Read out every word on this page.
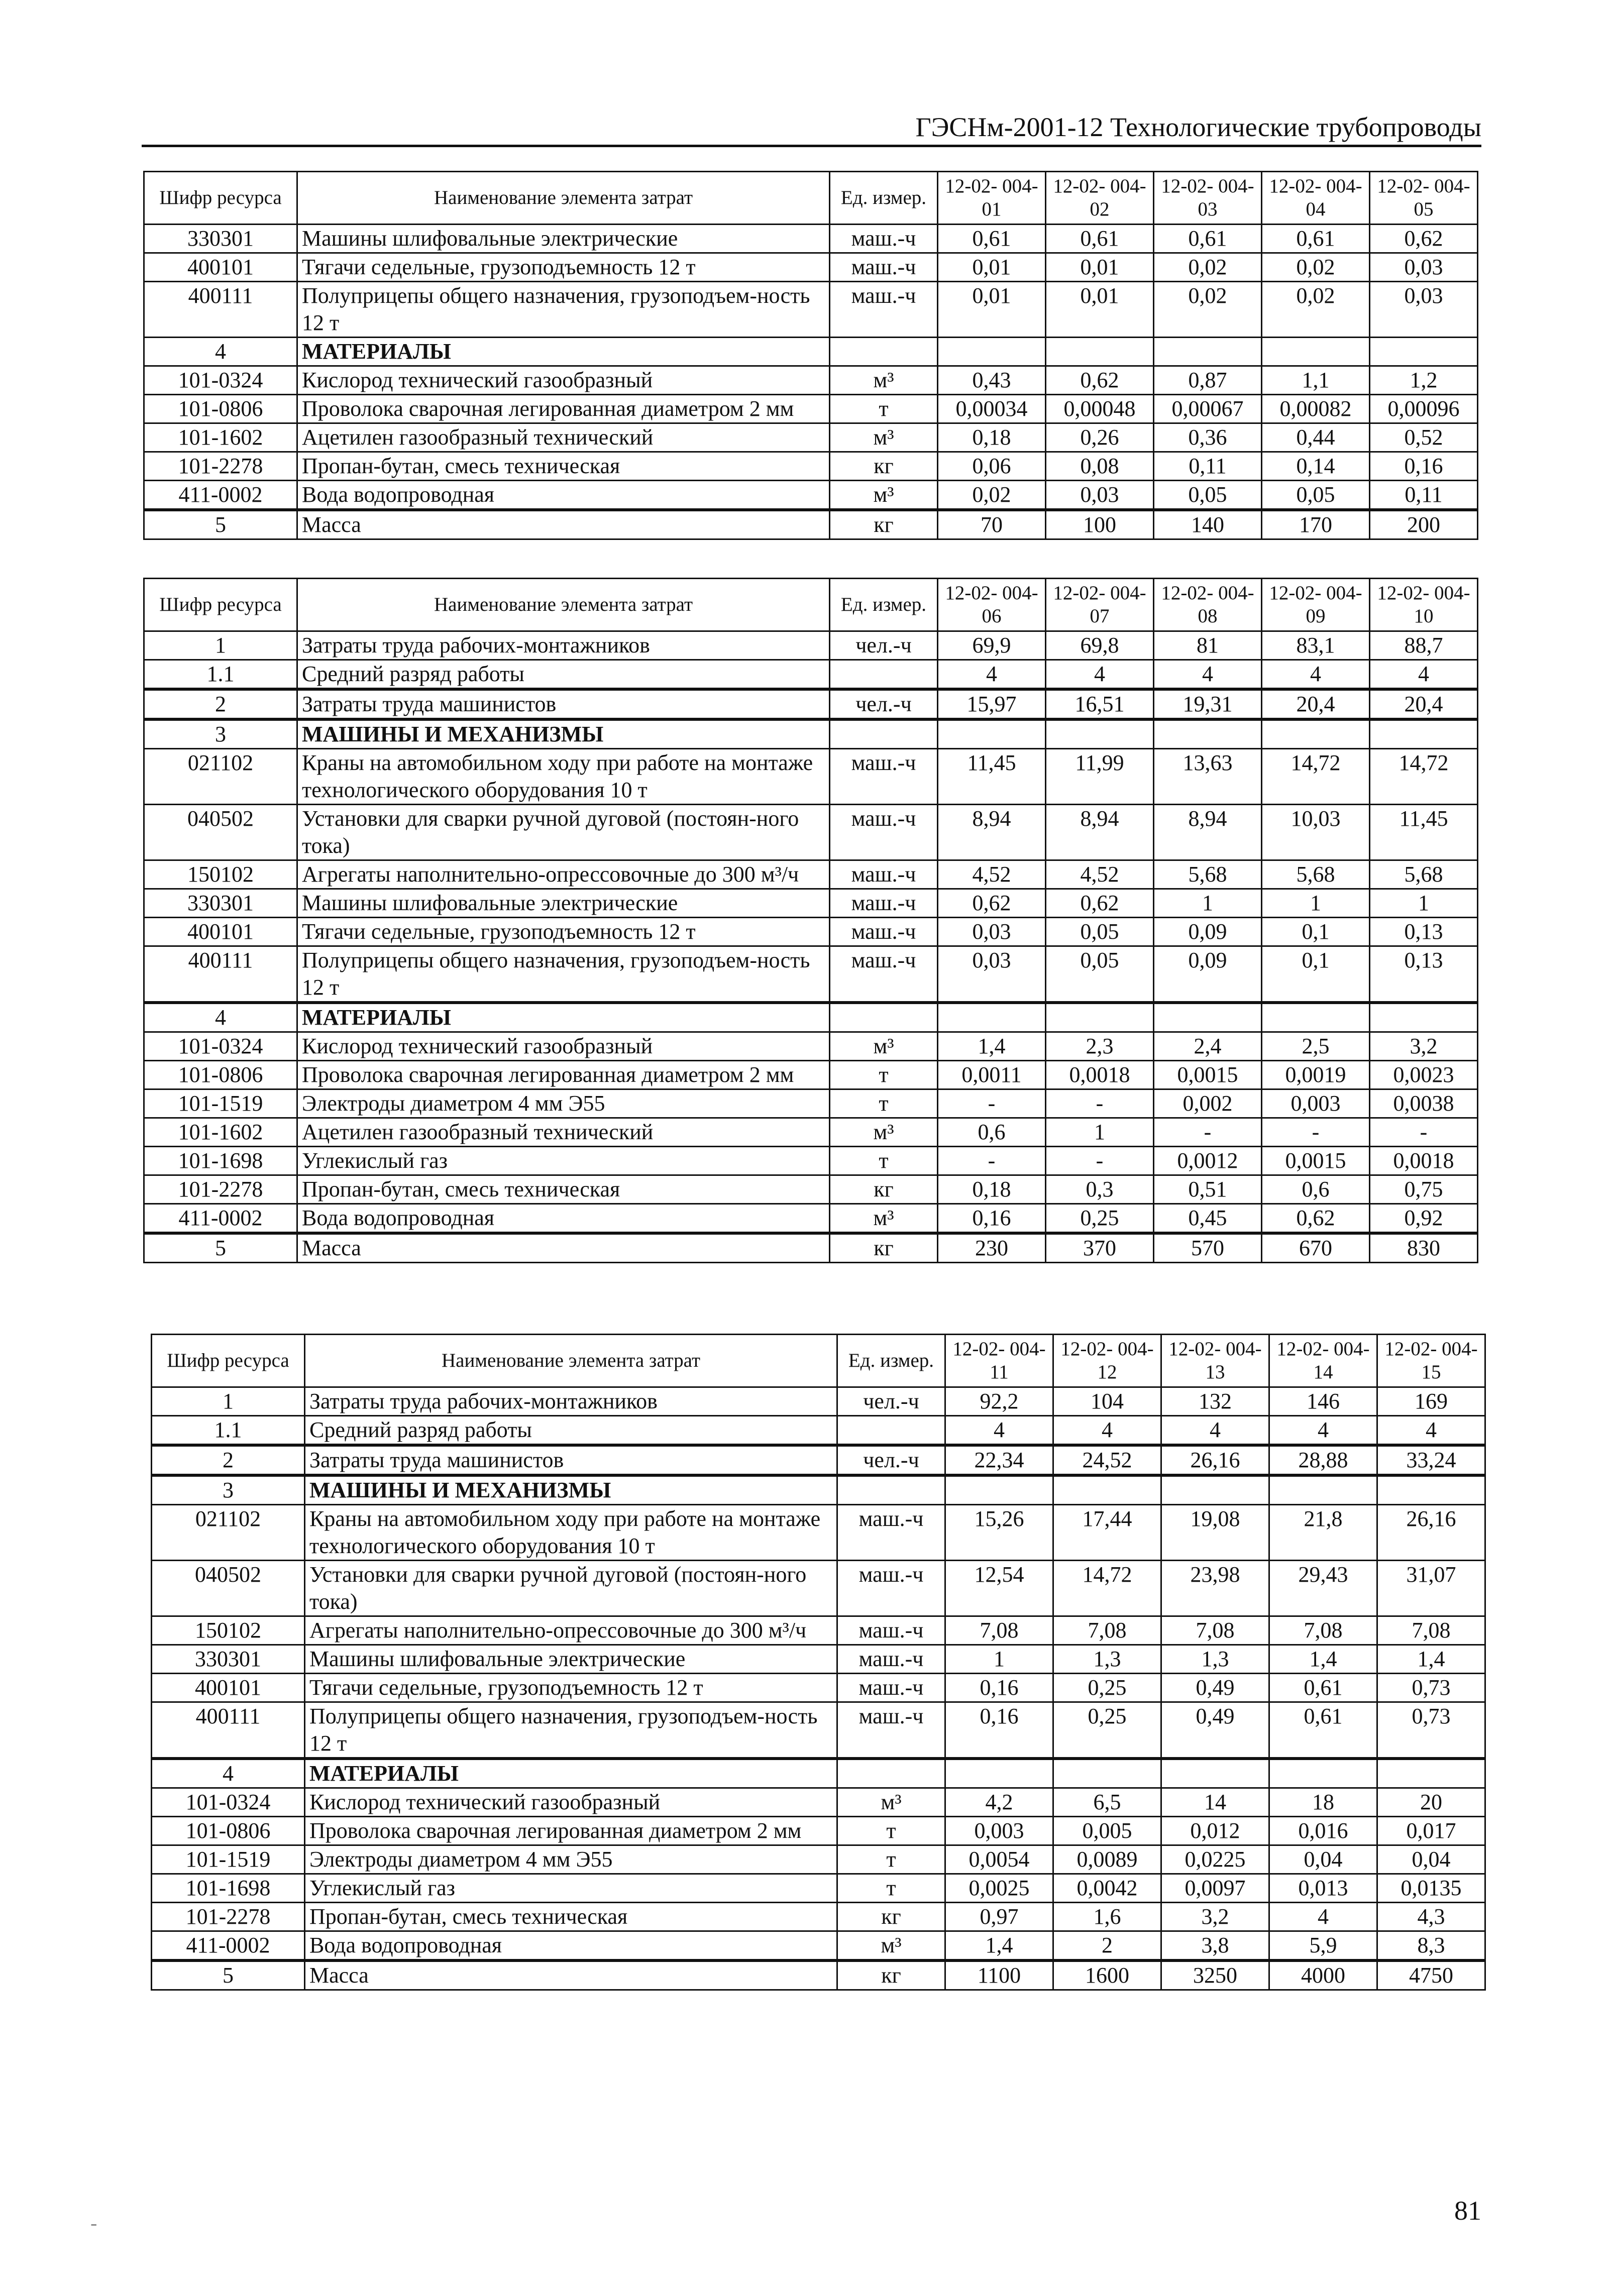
ГЭСНм-2001-12 Технологические трубопроводы
Шифр ресурса	Наименование элемента затрат	Ед. измер.	12-02- 004-01	12-02- 004-02	12-02- 004-03	12-02- 004-04	12-02- 004-05
330301	Машины шлифовальные электрические	маш.-ч	0,61	0,61	0,61	0,61	0,62
400101	Тягачи седельные, грузоподъемность 12 т	маш.-ч	0,01	0,01	0,02	0,02	0,03
400111	Полуприцепы общего назначения, грузоподъем-ность 12 т	маш.-ч	0,01	0,01	0,02	0,02	0,03
4	МАТЕРИАЛЫ						
101-0324	Кислород технический газообразный	м³	0,43	0,62	0,87	1,1	1,2
101-0806	Проволока сварочная легированная диаметром 2 мм	т	0,00034	0,00048	0,00067	0,00082	0,00096
101-1602	Ацетилен газообразный технический	м³	0,18	0,26	0,36	0,44	0,52
101-2278	Пропан-бутан, смесь техническая	кг	0,06	0,08	0,11	0,14	0,16
411-0002	Вода водопроводная	м³	0,02	0,03	0,05	0,05	0,11
5	Масса	кг	70	100	140	170	200
Шифр ресурса	Наименование элемента затрат	Ед. измер.	12-02- 004-06	12-02- 004-07	12-02- 004-08	12-02- 004-09	12-02- 004-10
1	Затраты труда рабочих-монтажников	чел.-ч	69,9	69,8	81	83,1	88,7
1.1	Средний разряд работы		4	4	4	4	4
2	Затраты труда машинистов	чел.-ч	15,97	16,51	19,31	20,4	20,4
3	МАШИНЫ И МЕХАНИЗМЫ						
021102	Краны на автомобильном ходу при работе на монтаже технологического оборудования 10 т	маш.-ч	11,45	11,99	13,63	14,72	14,72
040502	Установки для сварки ручной дуговой (постоян-ного тока)	маш.-ч	8,94	8,94	8,94	10,03	11,45
150102	Агрегаты наполнительно-опрессовочные до 300 м³/ч	маш.-ч	4,52	4,52	5,68	5,68	5,68
330301	Машины шлифовальные электрические	маш.-ч	0,62	0,62	1	1	1
400101	Тягачи седельные, грузоподъемность 12 т	маш.-ч	0,03	0,05	0,09	0,1	0,13
400111	Полуприцепы общего назначения, грузоподъем-ность 12 т	маш.-ч	0,03	0,05	0,09	0,1	0,13
4	МАТЕРИАЛЫ						
101-0324	Кислород технический газообразный	м³	1,4	2,3	2,4	2,5	3,2
101-0806	Проволока сварочная легированная диаметром 2 мм	т	0,0011	0,0018	0,0015	0,0019	0,0023
101-1519	Электроды диаметром 4 мм Э55	т	-	-	0,002	0,003	0,0038
101-1602	Ацетилен газообразный технический	м³	0,6	1	-	-	-
101-1698	Углекислый газ	т	-	-	0,0012	0,0015	0,0018
101-2278	Пропан-бутан, смесь техническая	кг	0,18	0,3	0,51	0,6	0,75
411-0002	Вода водопроводная	м³	0,16	0,25	0,45	0,62	0,92
5	Масса	кг	230	370	570	670	830
Шифр ресурса	Наименование элемента затрат	Ед. измер.	12-02- 004-11	12-02- 004-12	12-02- 004-13	12-02- 004-14	12-02- 004-15
1	Затраты труда рабочих-монтажников	чел.-ч	92,2	104	132	146	169
1.1	Средний разряд работы		4	4	4	4	4
2	Затраты труда машинистов	чел.-ч	22,34	24,52	26,16	28,88	33,24
3	МАШИНЫ И МЕХАНИЗМЫ						
021102	Краны на автомобильном ходу при работе на монтаже технологического оборудования 10 т	маш.-ч	15,26	17,44	19,08	21,8	26,16
040502	Установки для сварки ручной дуговой (постоян-ного тока)	маш.-ч	12,54	14,72	23,98	29,43	31,07
150102	Агрегаты наполнительно-опрессовочные до 300 м³/ч	маш.-ч	7,08	7,08	7,08	7,08	7,08
330301	Машины шлифовальные электрические	маш.-ч	1	1,3	1,3	1,4	1,4
400101	Тягачи седельные, грузоподъемность 12 т	маш.-ч	0,16	0,25	0,49	0,61	0,73
400111	Полуприцепы общего назначения, грузоподъем-ность 12 т	маш.-ч	0,16	0,25	0,49	0,61	0,73
4	МАТЕРИАЛЫ						
101-0324	Кислород технический газообразный	м³	4,2	6,5	14	18	20
101-0806	Проволока сварочная легированная диаметром 2 мм	т	0,003	0,005	0,012	0,016	0,017
101-1519	Электроды диаметром 4 мм Э55	т	0,0054	0,0089	0,0225	0,04	0,04
101-1698	Углекислый газ	т	0,0025	0,0042	0,0097	0,013	0,0135
101-2278	Пропан-бутан, смесь техническая	кг	0,97	1,6	3,2	4	4,3
411-0002	Вода водопроводная	м³	1,4	2	3,8	5,9	8,3
5	Масса	кг	1100	1600	3250	4000	4750
-	81
